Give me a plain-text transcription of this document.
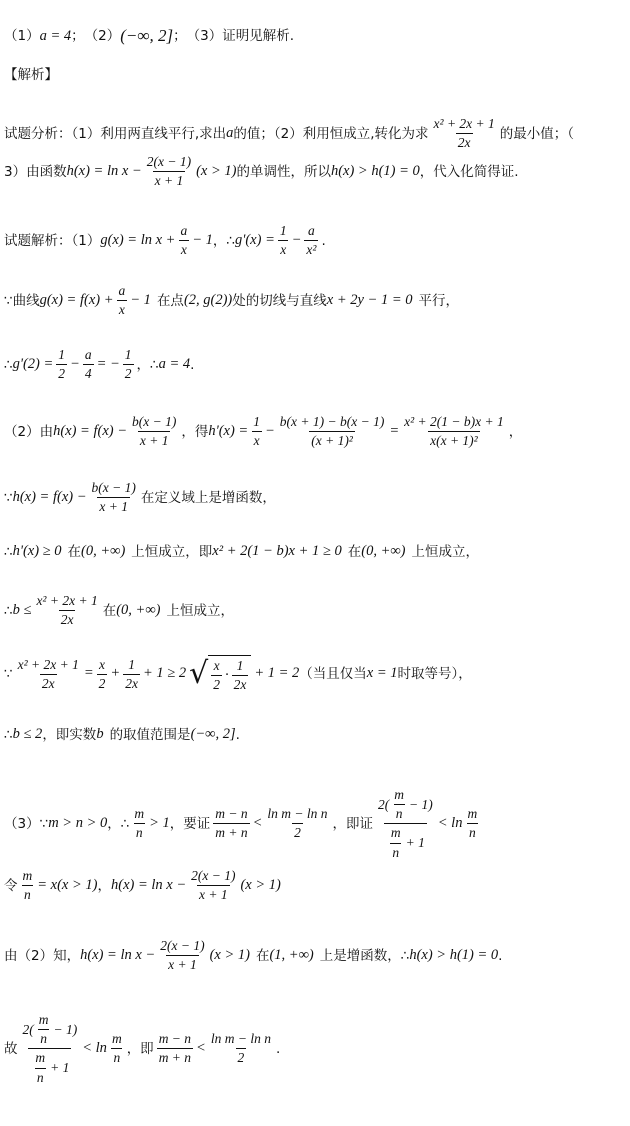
（1） a = 4 ； （2） (−∞, 2] ； （3）证明见解析.
【解析】
试题分析：（1）利用两直线平行,求出 a 的值；（2）利用恒成立,转化为求 $\frac{\text{x² + 2x + 1}}{2x}$ 的最小值；（
3）由函数 $h(x) = \ln x - \frac{2(x - 1)}{x + 1} (x > 1)$ 的单调性，所以 h(x) > h(1) = 0 ，代入化简得证.
试题解析：（1） $g(x) = \ln x + \frac{a}{x} - 1$ ，∴ $g'(x) = \frac{1}{x} - \frac{a}{\text{x²}}$ .
∵曲线 $g(x) = f(x) + \frac{a}{x} - 1$ 在点 (2, g(2)) 处的切线与直线 x + 2y − 1 = 0 平行，
∴ $g'(2) = \frac{1}{2} - \frac{a}{4}$ = − $\frac{1}{2}$ ，∴ a = 4 .
（2）由 $h(x) = f(x) - \frac{b(x - 1)}{x + 1}$ ，得 $h'(x) = \frac{1}{x} - \frac{b(x + 1) - b(x - 1)}{\text{(x + 1)²}} = \frac{\text{x² + 2(1 − b)x + 1}}{\text{x(x + 1)²}}$ ，
∵ $h(x) = f(x) - \frac{b(x - 1)}{x + 1}$ 在定义域上是增函数，
∴ h'(x) ≥ 0 在 (0, +∞) 上恒成立，即 x² + 2(1 − b)x + 1 ≥ 0 在 (0, +∞) 上恒成立，
∴ $b \le \frac{\text{x² + 2x + 1}}{2x}$ 在 (0, +∞) 上恒成立，
∵ $\frac{\text{x² + 2x + 1}}{2x} = \frac{x}{2} + \frac{1}{2x} + 1 \ge 2$ √ $\frac{x}{2} \cdot \frac{1}{2x} + 1 = 2$ （当且仅当 x = 1 时取等号），
∴ b ≤ 2 ，即实数 b 的取值范围是 (−∞, 2] .
（3）∵ m > n > 0 ，∴ $\frac{m}{n} > 1$ ，要证 $\frac{m - n}{m + n} < \frac{\text{ln m − ln n}}{2}$ ，即证 $\frac{2( \frac{m}{n} - 1)}{\frac{m}{n} + 1} < \ln \frac{m}{n}$
令 $\frac{m}{n} = x(x > 1)$ ， $h(x) = \ln x - \frac{2(x - 1)}{x + 1} (x > 1)$
由（2）知， $h(x) = \ln x - \frac{2(x - 1)}{x + 1} (x > 1)$ 在 (1, +∞) 上是增函数，∴ h(x) > h(1) = 0 .
故 $\frac{2( \frac{m}{n} - 1)}{\frac{m}{n} + 1} < \ln \frac{m}{n}$ ，即 $\frac{m - n}{m + n} < \frac{\text{ln m − ln n}}{2}$ .
